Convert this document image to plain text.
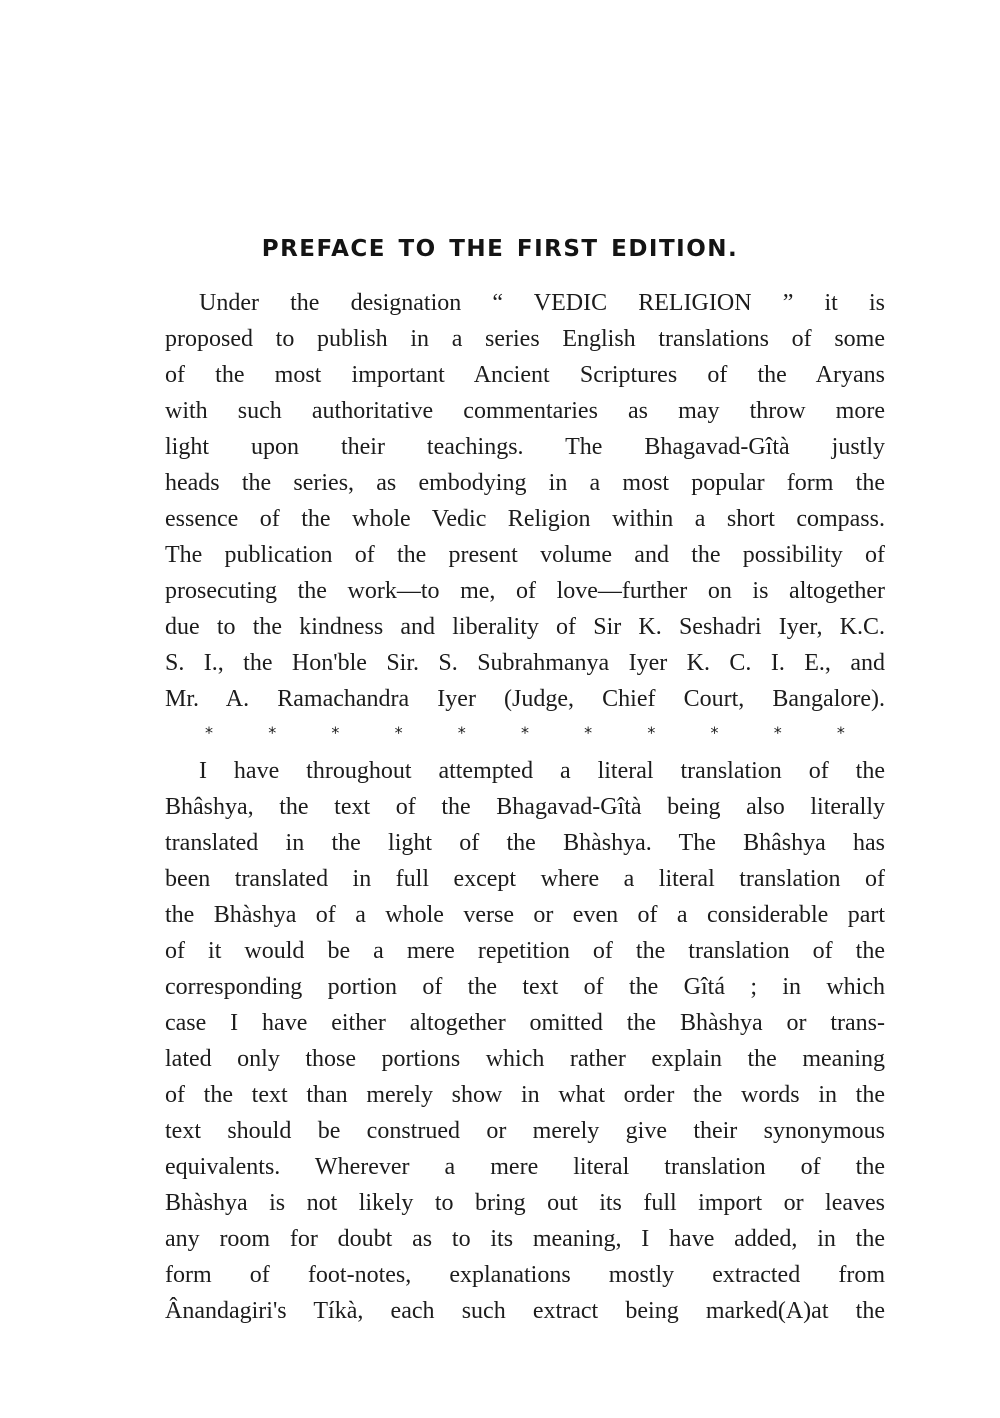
PREFACE TO THE FIRST EDITION.
Under the designation “ VEDIC RELIGION ” it is
proposed to publish in a series English translations of some
of the most important Ancient Scriptures of the Aryans
with such authoritative commentaries as may throw more
light upon their teachings. The Bhagavad-Gîtà justly
heads the series, as embodying in a most popular form the
essence of the whole Vedic Religion within a short compass.
The publication of the present volume and the possibility of
prosecuting the work—to me, of love—further on is altogether
due to the kindness and liberality of Sir K. Seshadri Iyer, K.C.
S. I., the Hon'ble Sir. S. Subrahmanya Iyer K. C. I. E., and
Mr. A. Ramachandra Iyer (Judge, Chief Court, Bangalore).
*	*	*	*	*	*	*	*	*	*	*
I have throughout attempted a literal translation of the
Bhâshya, the text of the Bhagavad-Gîtà being also literally
translated in the light of the Bhàshya. The Bhâshya has
been translated in full except where a literal translation of
the Bhàshya of a whole verse or even of a considerable part
of it would be a mere repetition of the translation of the
corresponding portion of the text of the Gîtá ; in which
case I have either altogether omitted the Bhàshya or trans-
lated only those portions which rather explain the meaning
of the text than merely show in what order the words in the
text should be construed or merely give their synonymous
equivalents. Wherever a mere literal translation of the
Bhàshya is not likely to bring out its full import or leaves
any room for doubt as to its meaning, I have added, in the
form of foot-notes, explanations mostly extracted from
Ânandagiri's Tíkà, each such extract being marked(A)at the
